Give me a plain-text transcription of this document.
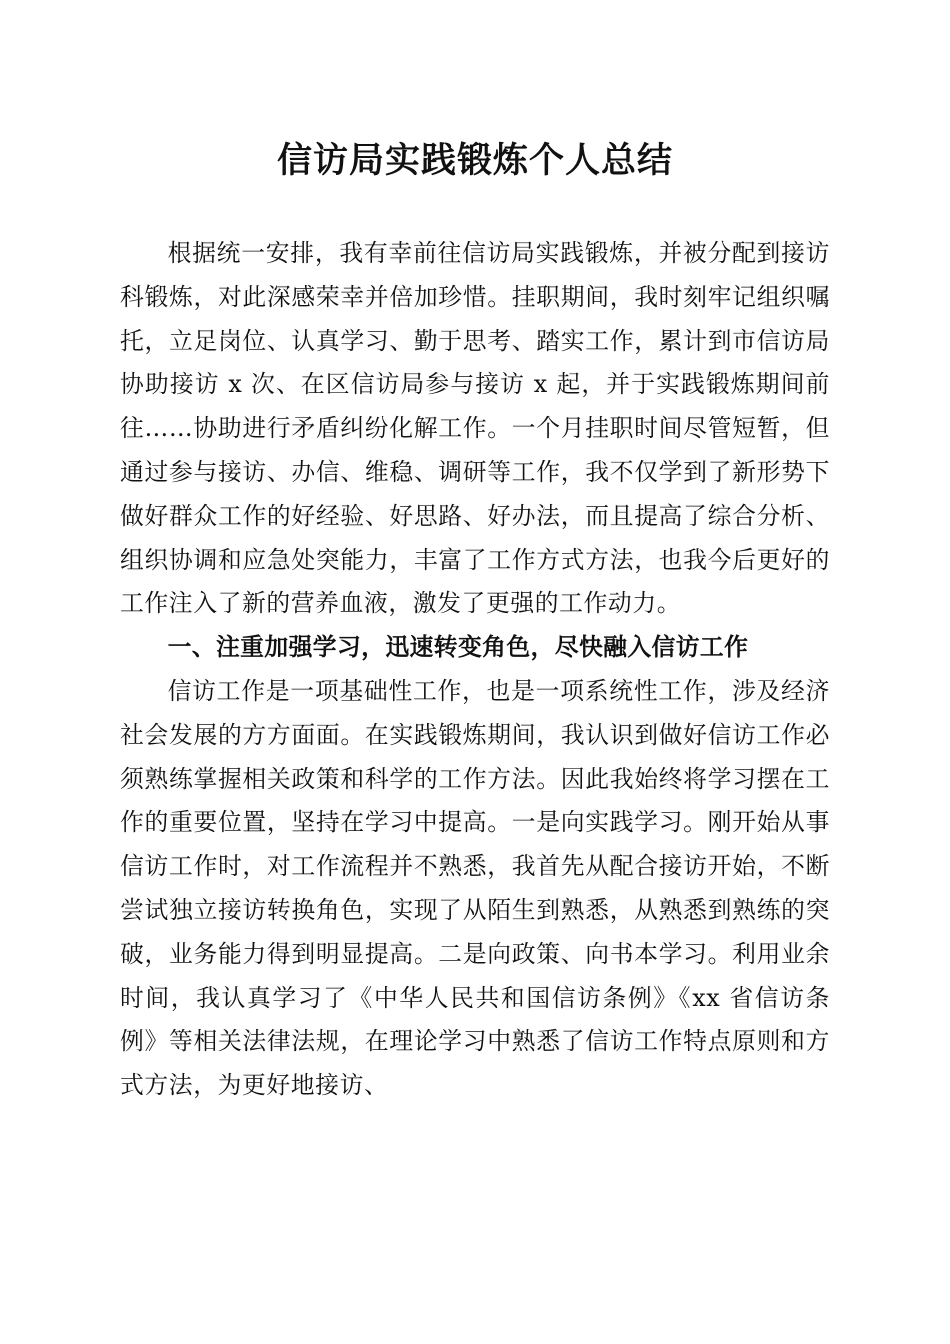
信访局实践锻炼个人总结

根据统一安排，我有幸前往信访局实践锻炼，并被分配到接访科锻炼，对此深感荣幸并倍加珍惜。挂职期间，我时刻牢记组织嘱托，立足岗位、认真学习、勤于思考、踏实工作，累计到市信访局协助接访 x 次、在区信访局参与接访 x 起，并于实践锻炼期间前往……协助进行矛盾纠纷化解工作。一个月挂职时间尽管短暂，但通过参与接访、办信、维稳、调研等工作，我不仅学到了新形势下做好群众工作的好经验、好思路、好办法，而且提高了综合分析、组织协调和应急处突能力，丰富了工作方式方法，也我今后更好的工作注入了新的营养血液，激发了更强的工作动力。

一、注重加强学习，迅速转变角色，尽快融入信访工作

信访工作是一项基础性工作，也是一项系统性工作，涉及经济社会发展的方方面面。在实践锻炼期间，我认识到做好信访工作必须熟练掌握相关政策和科学的工作方法。因此我始终将学习摆在工作的重要位置，坚持在学习中提高。一是向实践学习。刚开始从事信访工作时，对工作流程并不熟悉，我首先从配合接访开始，不断尝试独立接访转换角色，实现了从陌生到熟悉，从熟悉到熟练的突破，业务能力得到明显提高。二是向政策、向书本学习。利用业余时间，我认真学习了《中华人民共和国信访条例》《xx 省信访条例》等相关法律法规，在理论学习中熟悉了信访工作特点原则和方式方法，为更好地接访、
